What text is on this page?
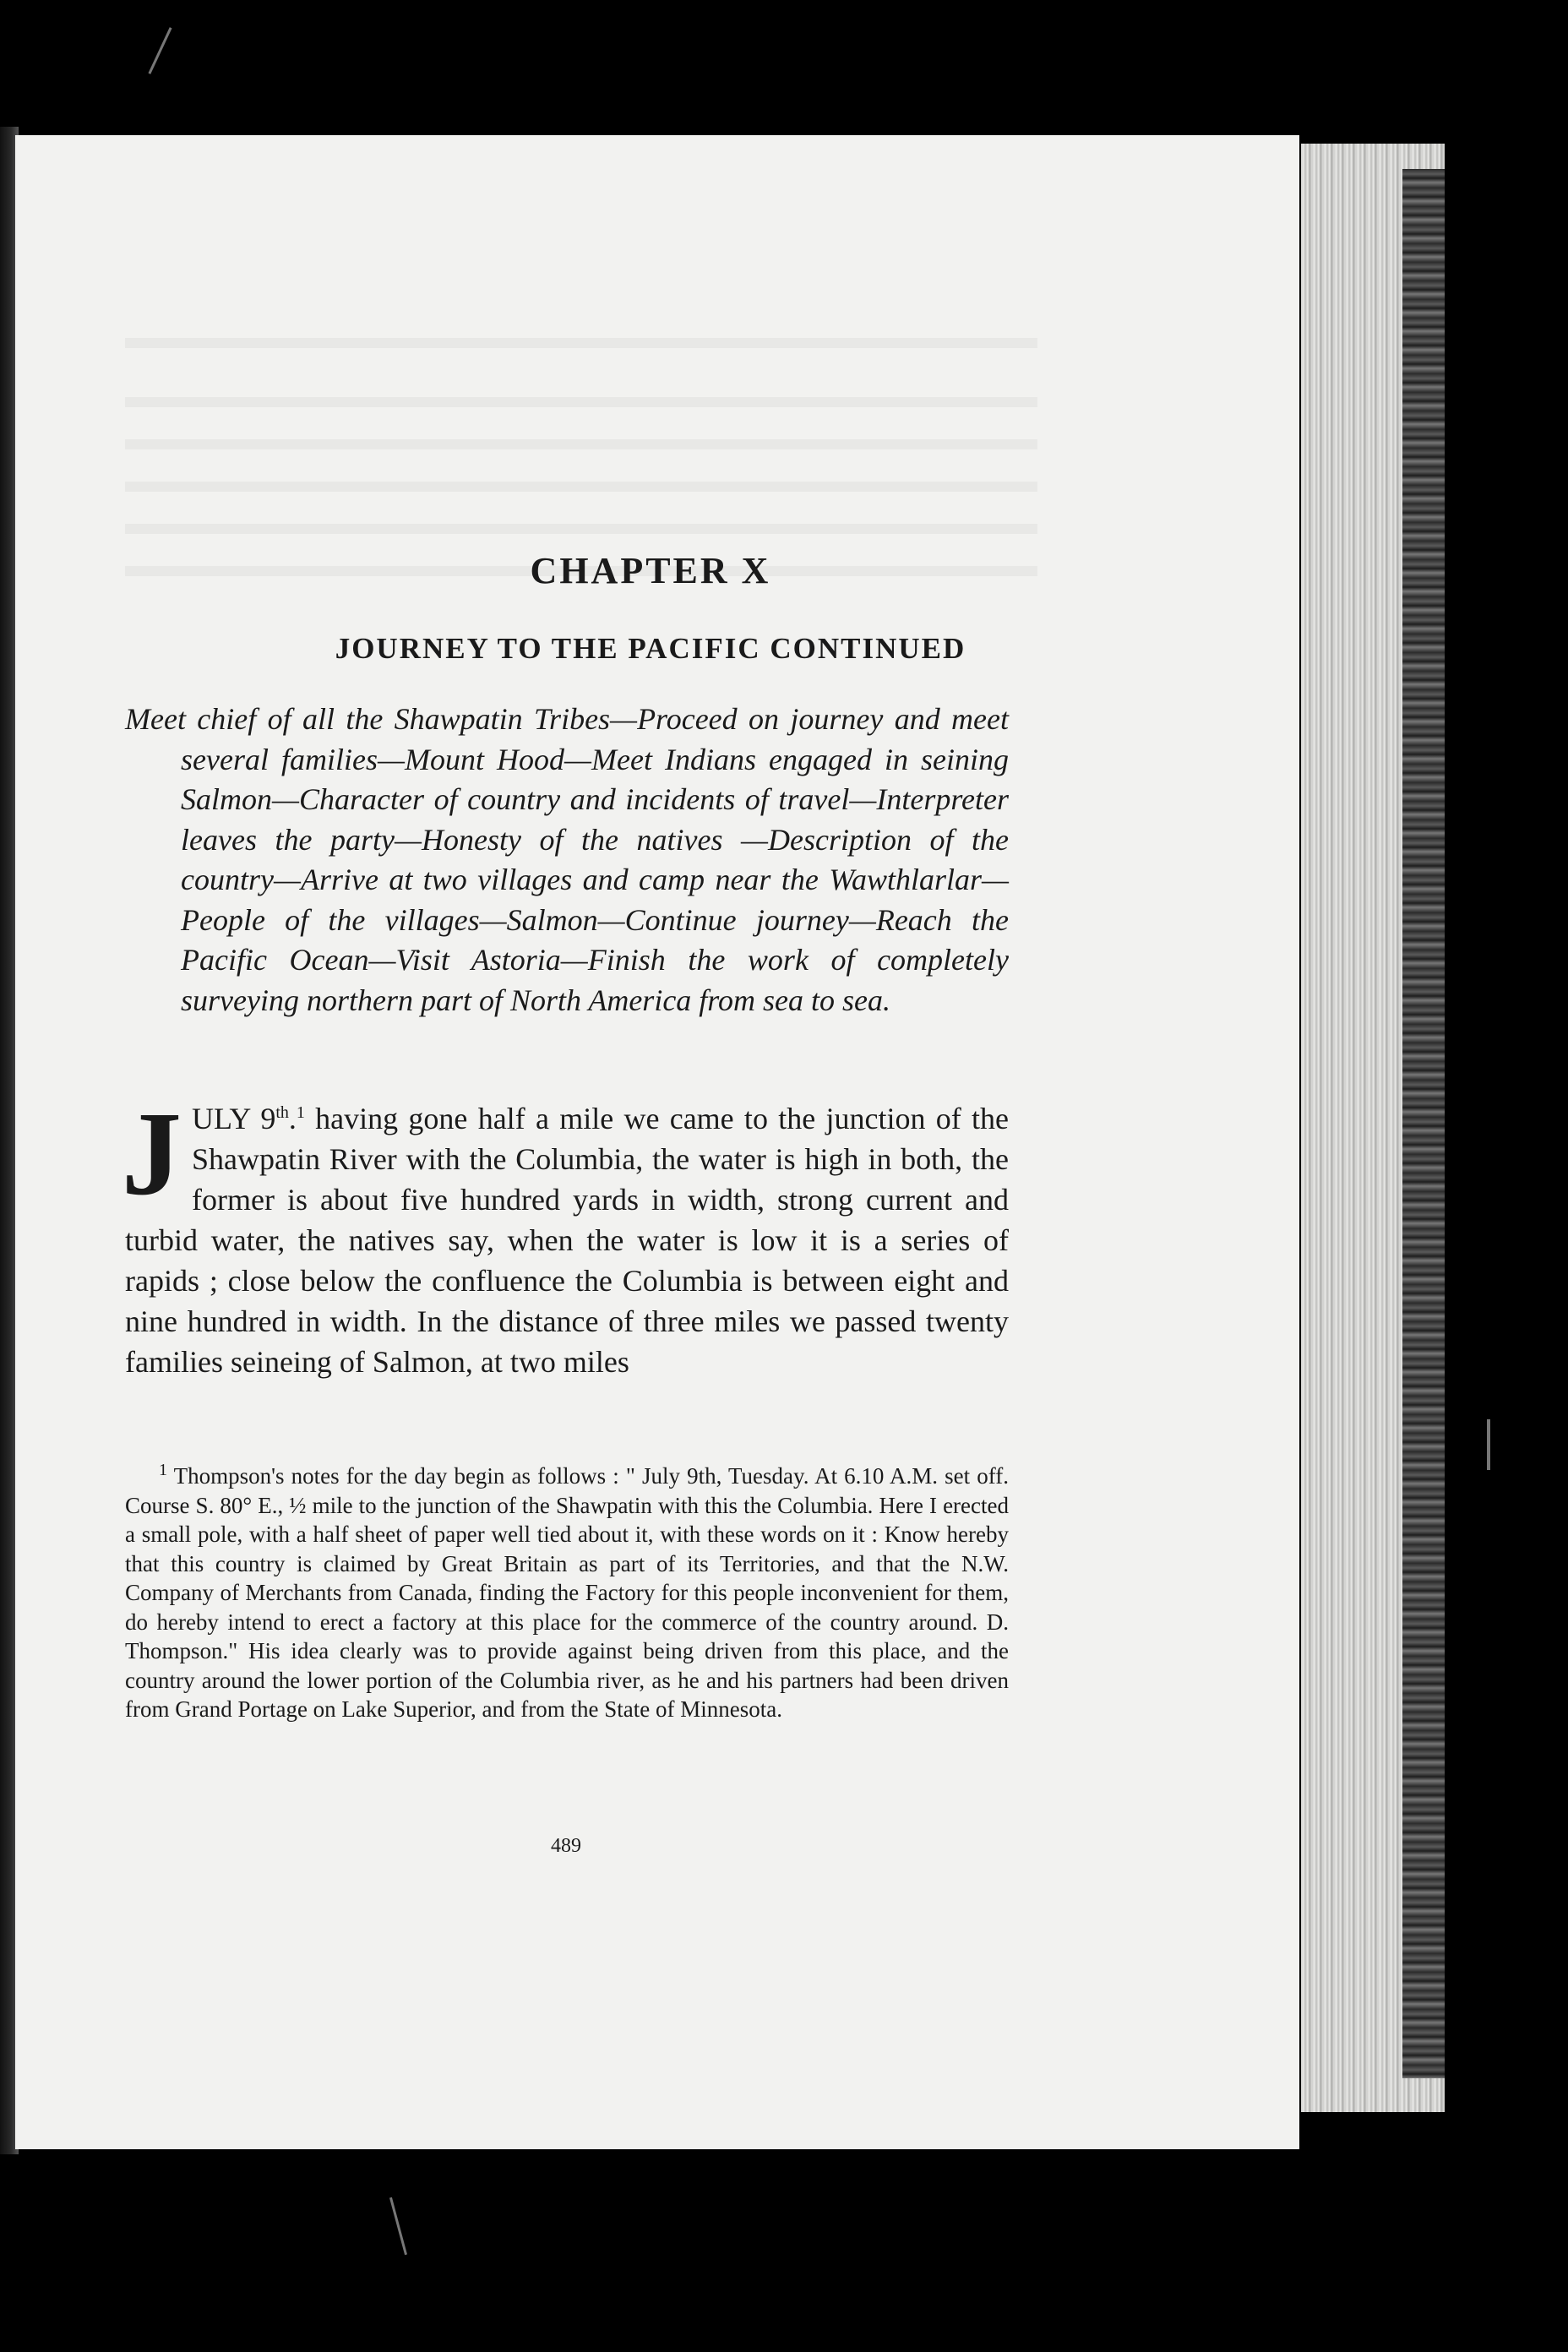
CHAPTER X
JOURNEY TO THE PACIFIC CONTINUED

Meet chief of all the Shawpatin Tribes—Proceed on journey and meet several families—Mount Hood—Meet Indians engaged in seining Salmon—Character of country and incidents of travel—Interpreter leaves the party—Honesty of the natives —Description of the country—Arrive at two villages and camp near the Wawthlarlar—People of the villages—Salmon—Continue journey—Reach the Pacific Ocean—Visit Astoria—Finish the work of completely surveying northern part of North America from sea to sea.

JULY 9th.$^1$ having gone half a mile we came to the junction of the Shawpatin River with the Columbia, the water is high in both, the former is about five hundred yards in width, strong current and turbid water, the natives say, when the water is low it is a series of rapids ; close below the confluence the Columbia is between eight and nine hundred in width. In the distance of three miles we passed twenty families seineing of Salmon, at two miles

$^1$ Thompson's notes for the day begin as follows : " July 9th, Tuesday. At 6.10 A.M. set off. Course S. 80° E., ½ mile to the junction of the Shawpatin with this the Columbia. Here I erected a small pole, with a half sheet of paper well tied about it, with these words on it : Know hereby that this country is claimed by Great Britain as part of its Territories, and that the N.W. Company of Merchants from Canada, finding the Factory for this people inconvenient for them, do hereby intend to erect a factory at this place for the commerce of the country around. D. Thompson." His idea clearly was to provide against being driven from this place, and the country around the lower portion of the Columbia river, as he and his partners had been driven from Grand Portage on Lake Superior, and from the State of Minnesota.

489
